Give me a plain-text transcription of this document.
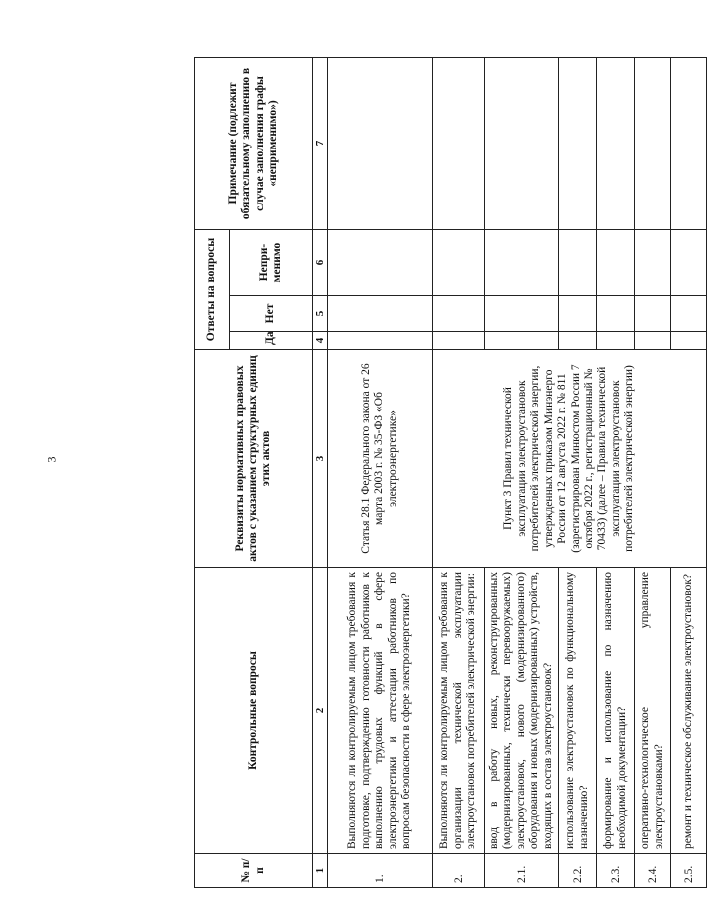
3
№ п/п	Контрольные вопросы	Реквизиты нормативных правовых актов с указанием структурных единиц этих актов	Ответы на вопросы			Примечание (подлежит обязательному заполнению в случае заполнения графы «неприменимо»)
			Да	Нет	Непри-менимо	
1	2	3	4	5	6	7
1.	Выполняются ли контролируемым лицом требования к подготовке, подтверждению готовности работников к выполнению трудовых функций в сфере электроэнергетики и аттестации работников по вопросам безопасности в сфере электроэнергетики?	Статья 28.1 Федерального закона от 26 марта 2003 г. № 35-ФЗ «Об электроэнергетике»				
2.	Выполняются ли контролируемым лицом требования к организации технической эксплуатации электроустановок потребителей электрической энергии:	Пункт 3 Правил технической эксплуатации электроустановок потребителей электрической энергии, утвержденных приказом Минэнерго России от 12 августа 2022 г. № 811 (зарегистрирован Минюстом России 7 октября 2022 г., регистрационный № 70433) (далее – Правила технической эксплуатации электроустановок потребителей электрической энергии)				
2.1.	ввод в работу новых, реконструированных (модернизированных, технически перевооружаемых) электроустановок, нового (модернизированного) оборудования и новых (модернизированных) устройств, входящих в состав электроустановок?					
2.2.	использование электроустановок по функциональному назначению?					
2.3.	формирование и использование по назначению необходимой документации?					
2.4.	оперативно-технологическое управление электроустановками?					
2.5.	ремонт и техническое обслуживание электроустановок?					
